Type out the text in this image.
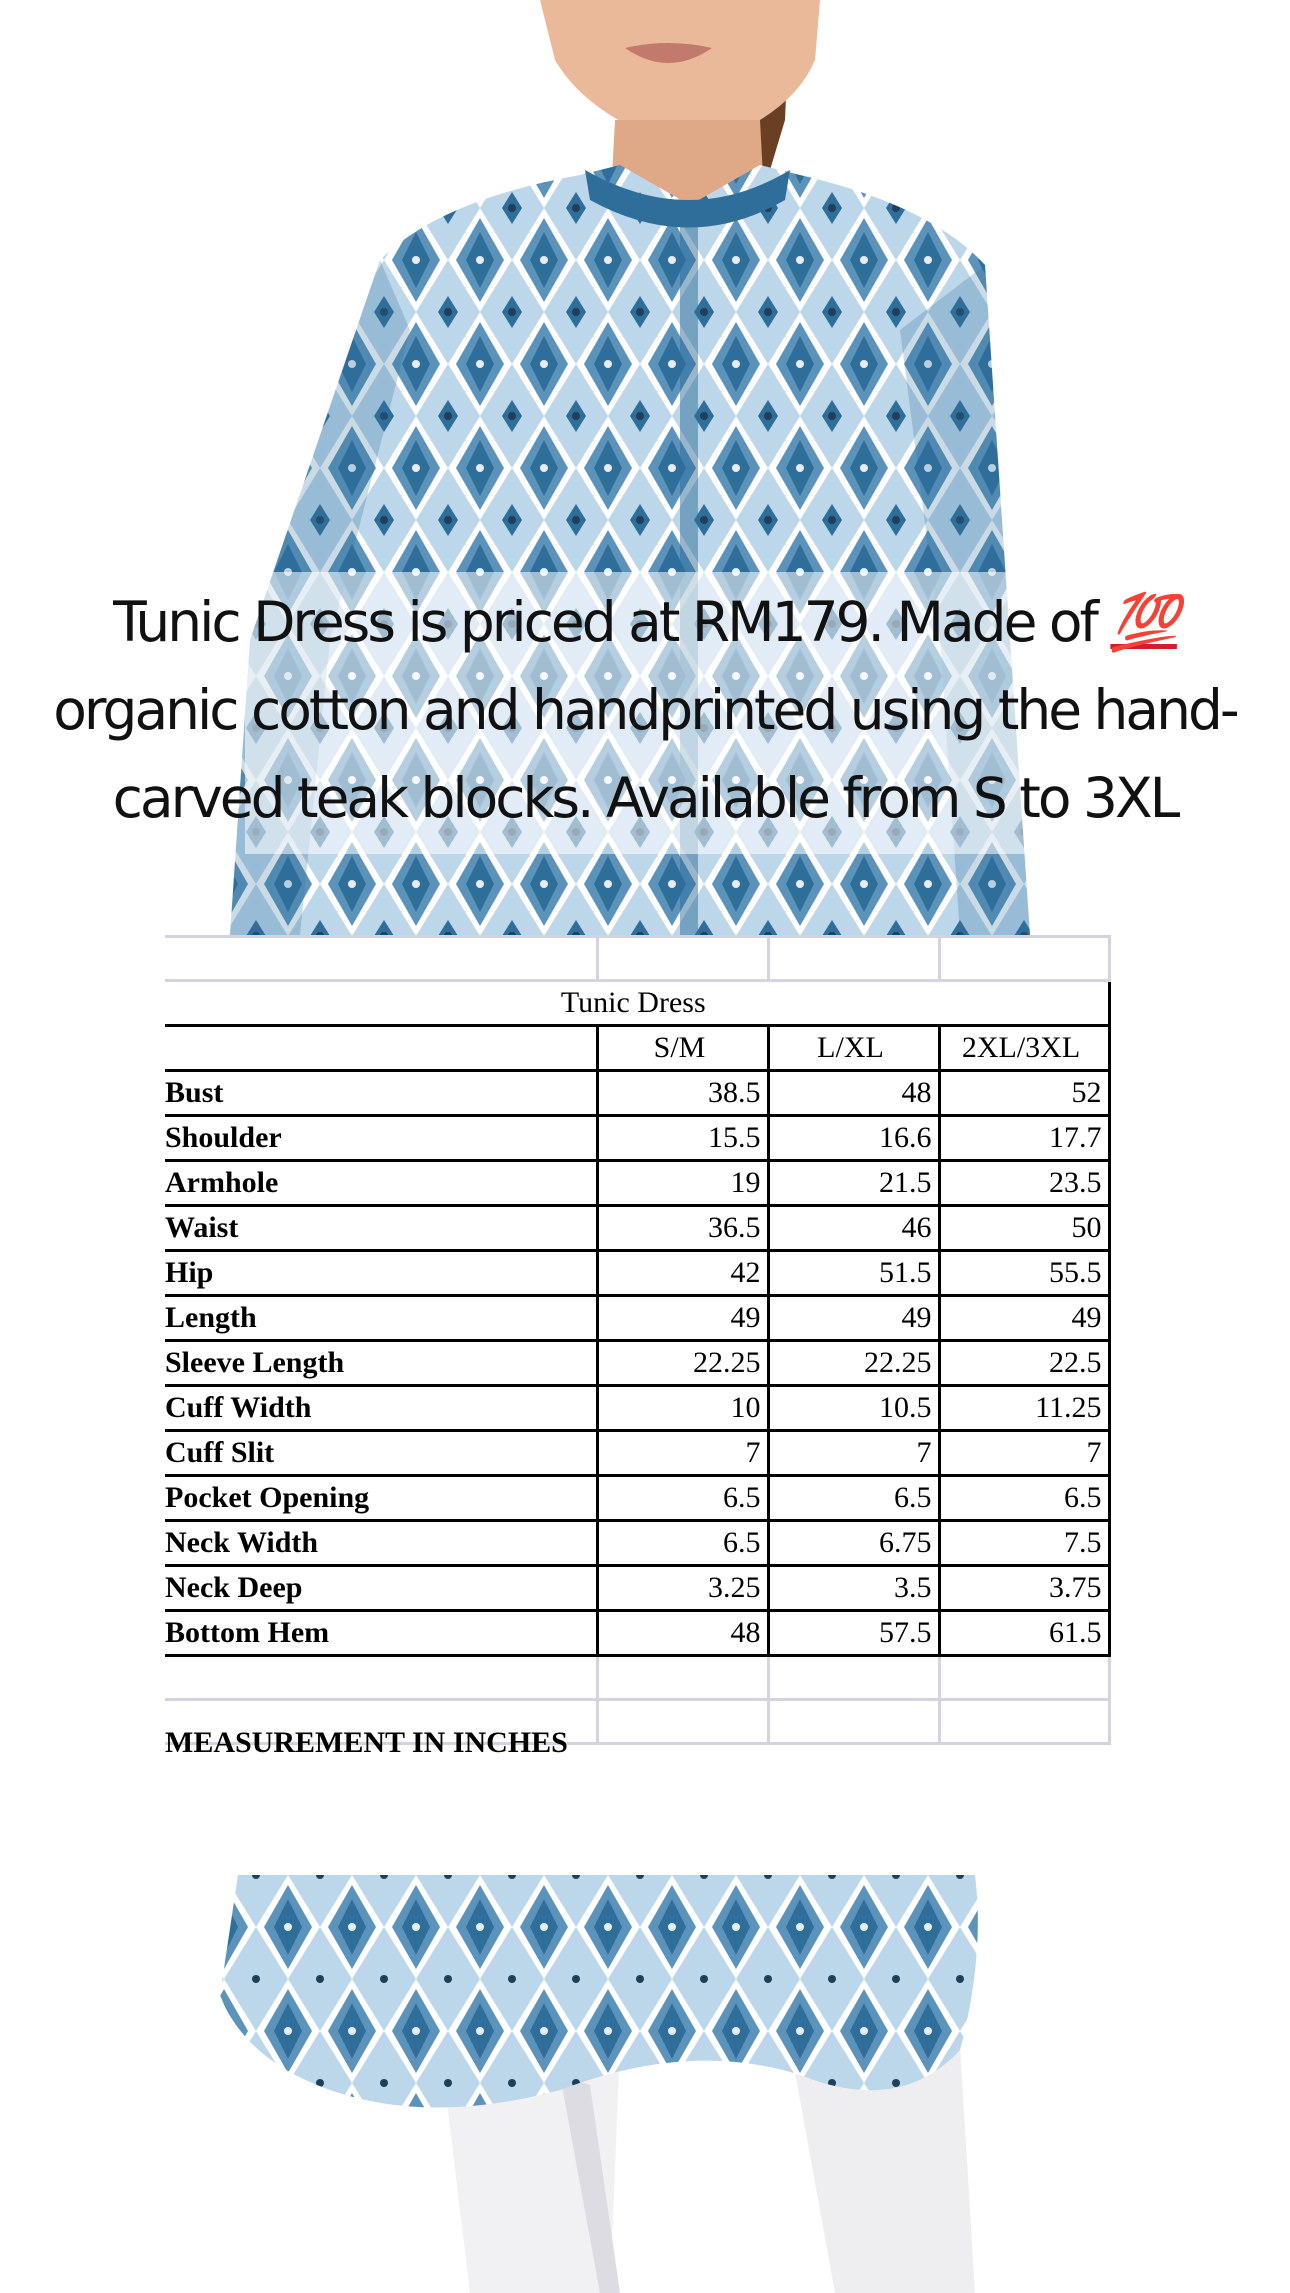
Tunic Dress is priced at RM179. Made of 💯 organic cotton and handprinted using the hand-carved teak blocks. Available from S to 3XL

Tunic Dress			
	S/M	L/XL	2XL/3XL
Bust	38.5	48	52
Shoulder	15.5	16.6	17.7
Armhole	19	21.5	23.5
Waist	36.5	46	50
Hip	42	51.5	55.5
Length	49	49	49
Sleeve Length	22.25	22.25	22.5
Cuff Width	10	10.5	11.25
Cuff Slit	7	7	7
Pocket Opening	6.5	6.5	6.5
Neck Width	6.5	6.75	7.5
Neck Deep	3.25	3.5	3.75
Bottom Hem	48	57.5	61.5

MEASUREMENT IN INCHES			
